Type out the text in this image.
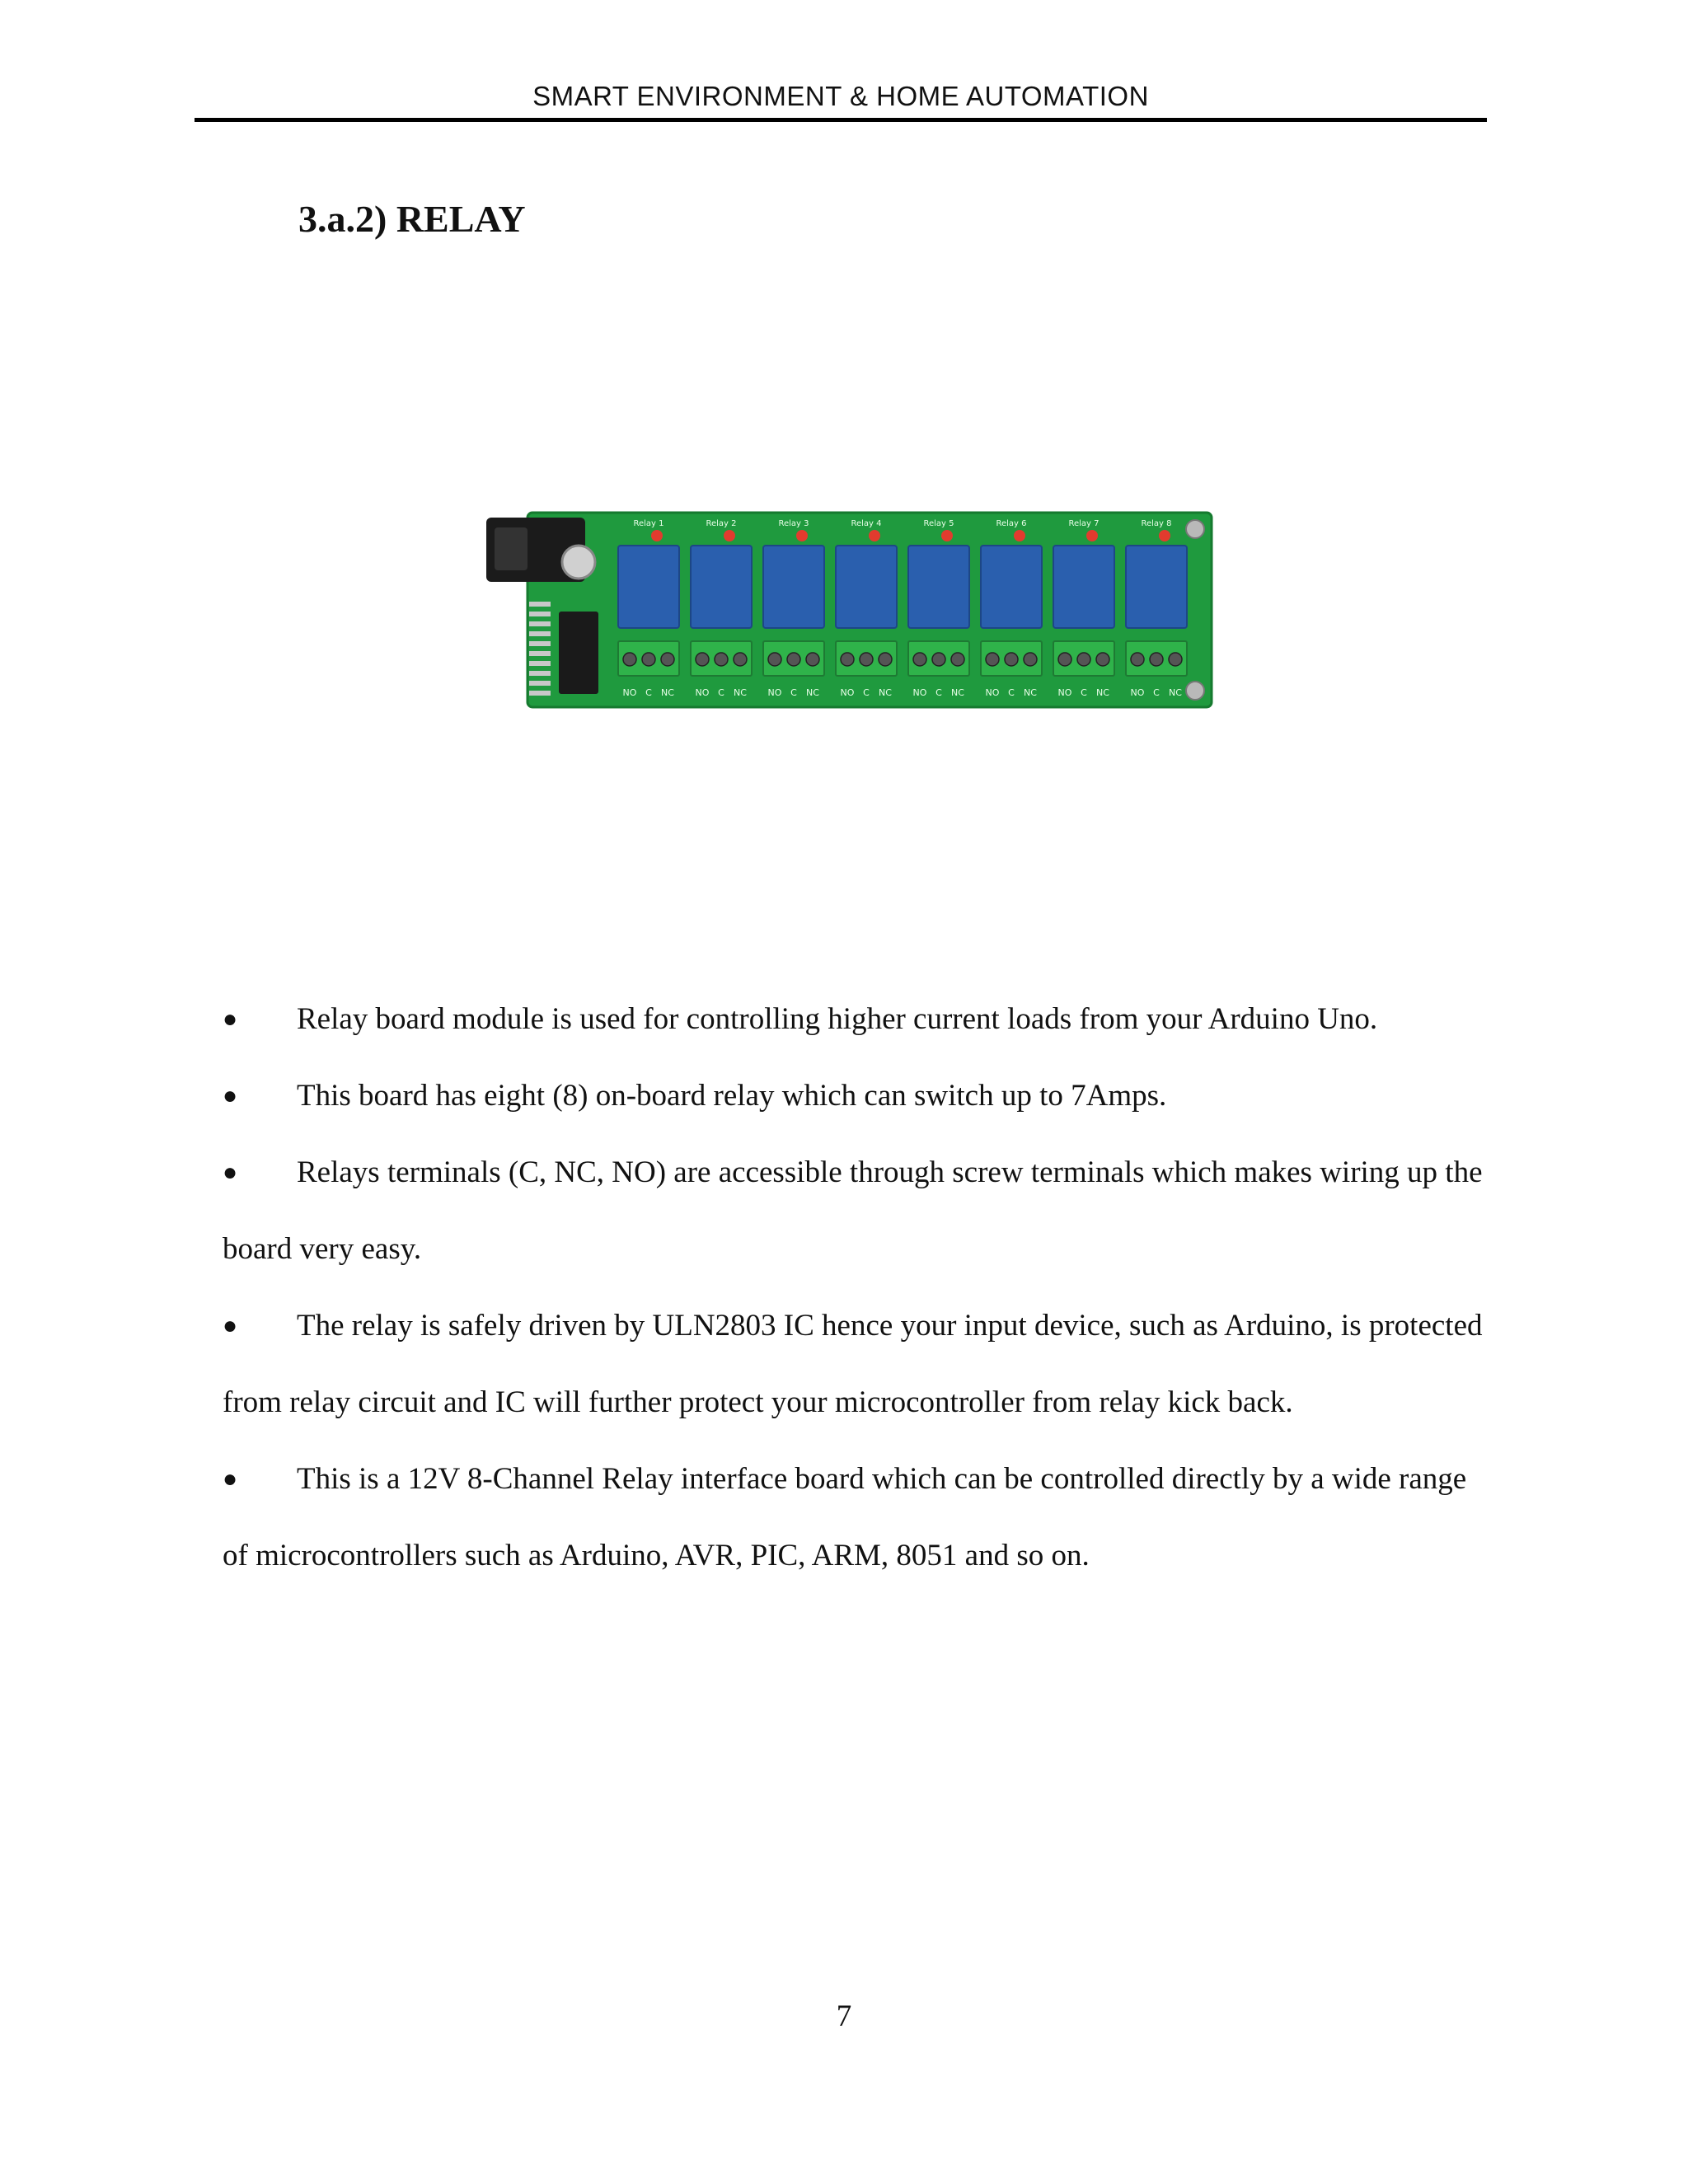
SMART ENVIRONMENT & HOME AUTOMATION
3.a.2) RELAY
Relay 1	Relay 2	Relay 3	Relay 4	Relay 5	Relay 6	Relay 7	Relay 8
NO C NC NO C NC NO C NC NO C NC NO C NC NO C NC NO C NC NO C NC
●	Relay board module is used for controlling higher current loads from your Arduino Uno.
●	This board has eight (8) on-board relay which can switch up to 7Amps.
●	Relays terminals (C, NC, NO) are accessible through screw terminals which makes wiring up the board very easy.
●	The relay is safely driven by ULN2803 IC hence your input device, such as Arduino, is protected from relay circuit and IC will further protect your microcontroller from relay kick back.
●	This is a 12V 8-Channel Relay interface board which can be controlled directly by a wide range of microcontrollers such as Arduino, AVR, PIC, ARM, 8051 and so on.
7
